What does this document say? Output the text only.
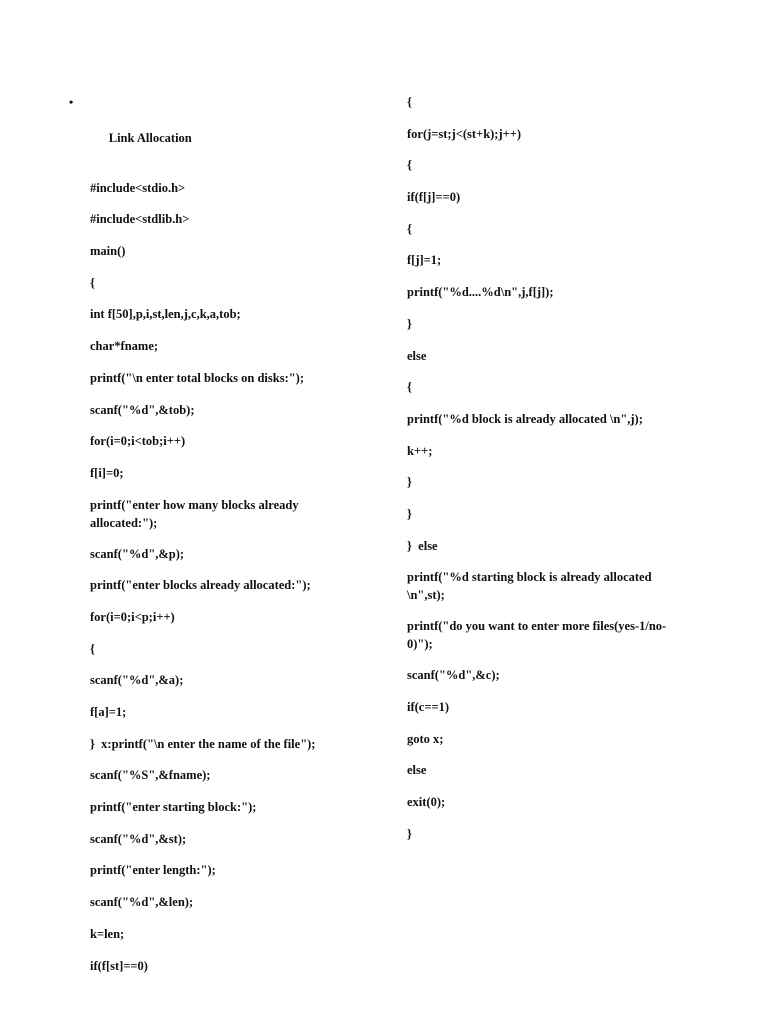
•

Link Allocation

#include<stdio.h>
#include<stdlib.h>
main()
{
int f[50],p,i,st,len,j,c,k,a,tob;
char*fname;
printf("\n enter total blocks on disks:");
scanf("%d",&tob);
for(i=0;i<tob;i++)
f[i]=0;
printf("enter how many blocks already allocated:");
scanf("%d",&p);
printf("enter blocks already allocated:");
for(i=0;i<p;i++)
{
scanf("%d",&a);
f[a]=1;
}  x:printf("\n enter the name of the file");
scanf("%S",&fname);
printf("enter starting block:");
scanf("%d",&st);
printf("enter length:");
scanf("%d",&len);
k=len;
if(f[st]==0)
{
for(j=st;j<(st+k);j++)
{
if(f[j]==0)
{
f[j]=1;
printf("%d....%d\n",j,f[j]);
}
else
{
printf("%d block is already allocated \n",j);
k++;
}
}
}  else
printf("%d starting block is already allocated \n",st);
printf("do you want to enter more files(yes-1/no-0)");
scanf("%d",&c);
if(c==1)
goto x;
else
exit(0);
}
